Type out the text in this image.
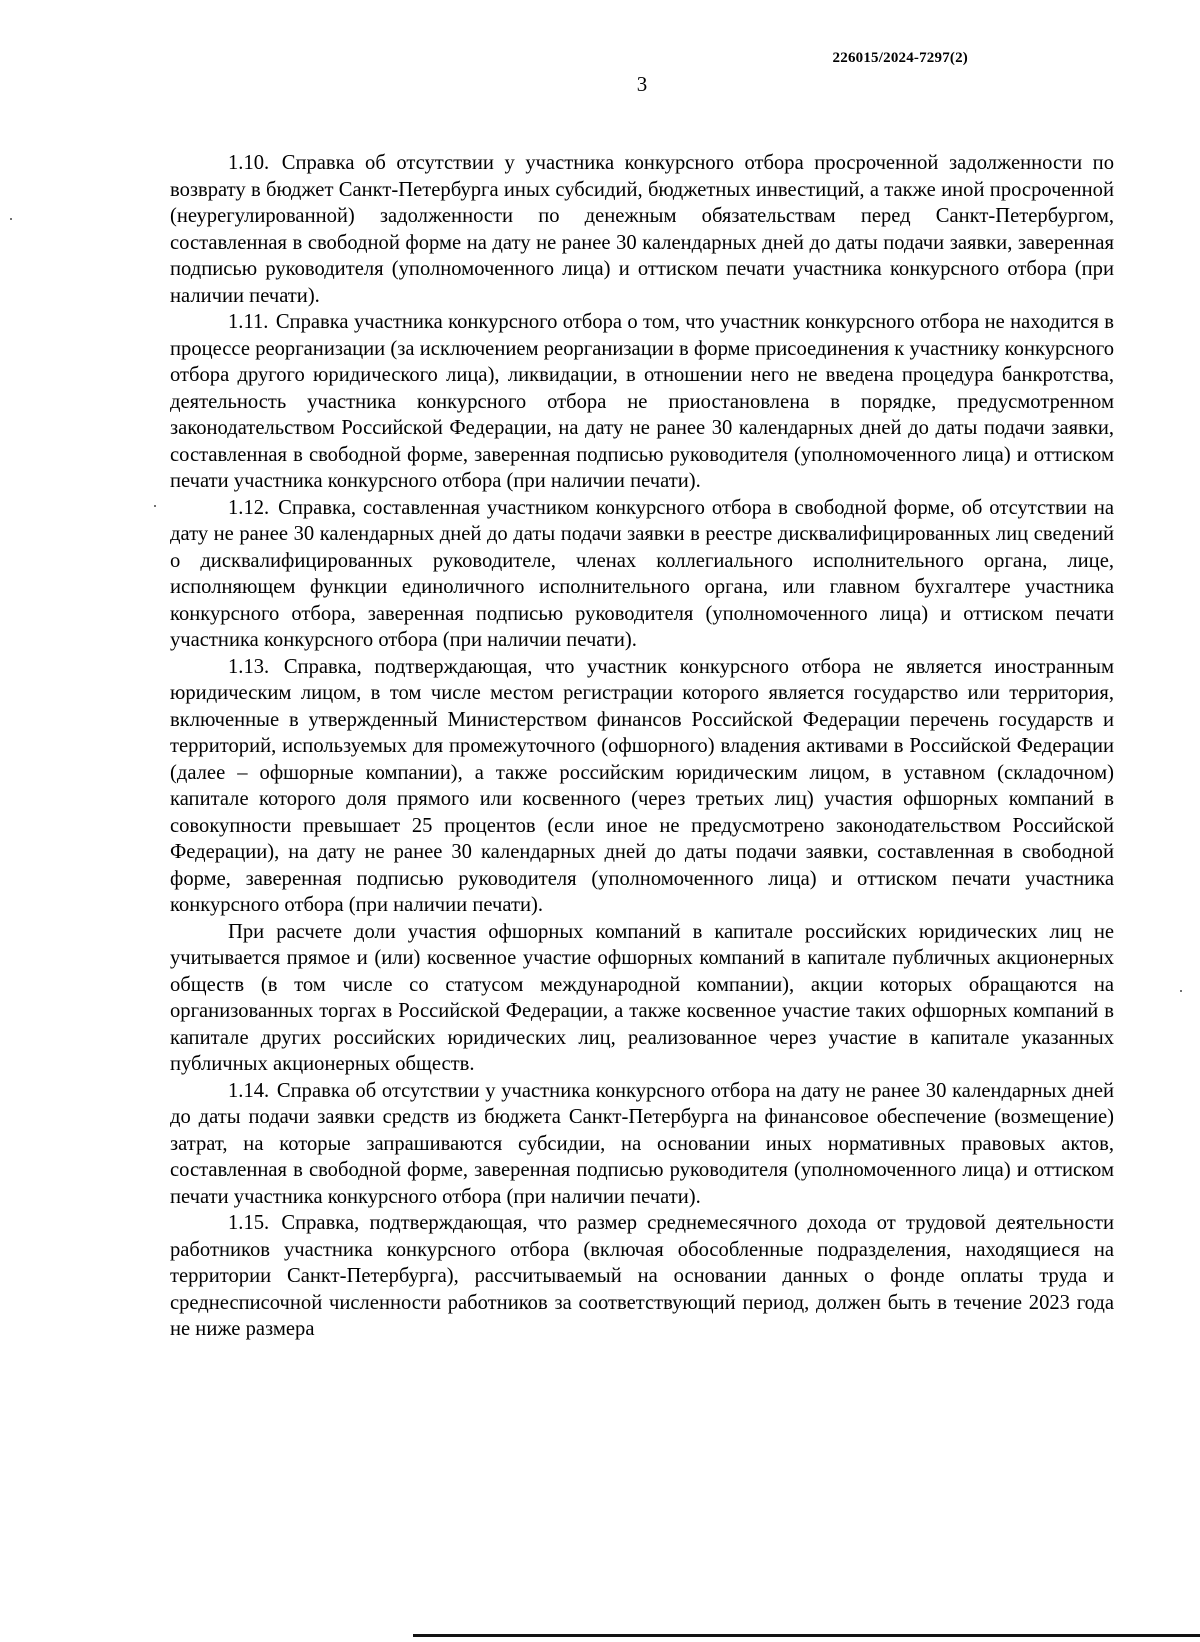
226015/2024-7297(2)
3

1.10. Справка об отсутствии у участника конкурсного отбора просроченной задолженности по возврату в бюджет Санкт-Петербурга иных субсидий, бюджетных инвестиций, а также иной просроченной (неурегулированной) задолженности по денежным обязательствам перед Санкт-Петербургом, составленная в свободной форме на дату не ранее 30 календарных дней до даты подачи заявки, заверенная подписью руководителя (уполномоченного лица) и оттиском печати участника конкурсного отбора (при наличии печати).

1.11. Справка участника конкурсного отбора о том, что участник конкурсного отбора не находится в процессе реорганизации (за исключением реорганизации в форме присоединения к участнику конкурсного отбора другого юридического лица), ликвидации, в отношении него не введена процедура банкротства, деятельность участника конкурсного отбора не приостановлена в порядке, предусмотренном законодательством Российской Федерации, на дату не ранее 30 календарных дней до даты подачи заявки, составленная в свободной форме, заверенная подписью руководителя (уполномоченного лица) и оттиском печати участника конкурсного отбора (при наличии печати).

1.12. Справка, составленная участником конкурсного отбора в свободной форме, об отсутствии на дату не ранее 30 календарных дней до даты подачи заявки в реестре дисквалифицированных лиц сведений о дисквалифицированных руководителе, членах коллегиального исполнительного органа, лице, исполняющем функции единоличного исполнительного органа, или главном бухгалтере участника конкурсного отбора, заверенная подписью руководителя (уполномоченного лица) и оттиском печати участника конкурсного отбора (при наличии печати).

1.13. Справка, подтверждающая, что участник конкурсного отбора не является иностранным юридическим лицом, в том числе местом регистрации которого является государство или территория, включенные в утвержденный Министерством финансов Российской Федерации перечень государств и территорий, используемых для промежуточного (офшорного) владения активами в Российской Федерации (далее – офшорные компании), а также российским юридическим лицом, в уставном (складочном) капитале которого доля прямого или косвенного (через третьих лиц) участия офшорных компаний в совокупности превышает 25 процентов (если иное не предусмотрено законодательством Российской Федерации), на дату не ранее 30 календарных дней до даты подачи заявки, составленная в свободной форме, заверенная подписью руководителя (уполномоченного лица) и оттиском печати участника конкурсного отбора (при наличии печати).

При расчете доли участия офшорных компаний в капитале российских юридических лиц не учитывается прямое и (или) косвенное участие офшорных компаний в капитале публичных акционерных обществ (в том числе со статусом международной компании), акции которых обращаются на организованных торгах в Российской Федерации, а также косвенное участие таких офшорных компаний в капитале других российских юридических лиц, реализованное через участие в капитале указанных публичных акционерных обществ.

1.14. Справка об отсутствии у участника конкурсного отбора на дату не ранее 30 календарных дней до даты подачи заявки средств из бюджета Санкт-Петербурга на финансовое обеспечение (возмещение) затрат, на которые запрашиваются субсидии, на основании иных нормативных правовых актов, составленная в свободной форме, заверенная подписью руководителя (уполномоченного лица) и оттиском печати участника конкурсного отбора (при наличии печати).

1.15. Справка, подтверждающая, что размер среднемесячного дохода от трудовой деятельности работников участника конкурсного отбора (включая обособленные подразделения, находящиеся на территории Санкт-Петербурга), рассчитываемый на основании данных о фонде оплаты труда и среднесписочной численности работников за соответствующий период, должен быть в течение 2023 года не ниже размера
